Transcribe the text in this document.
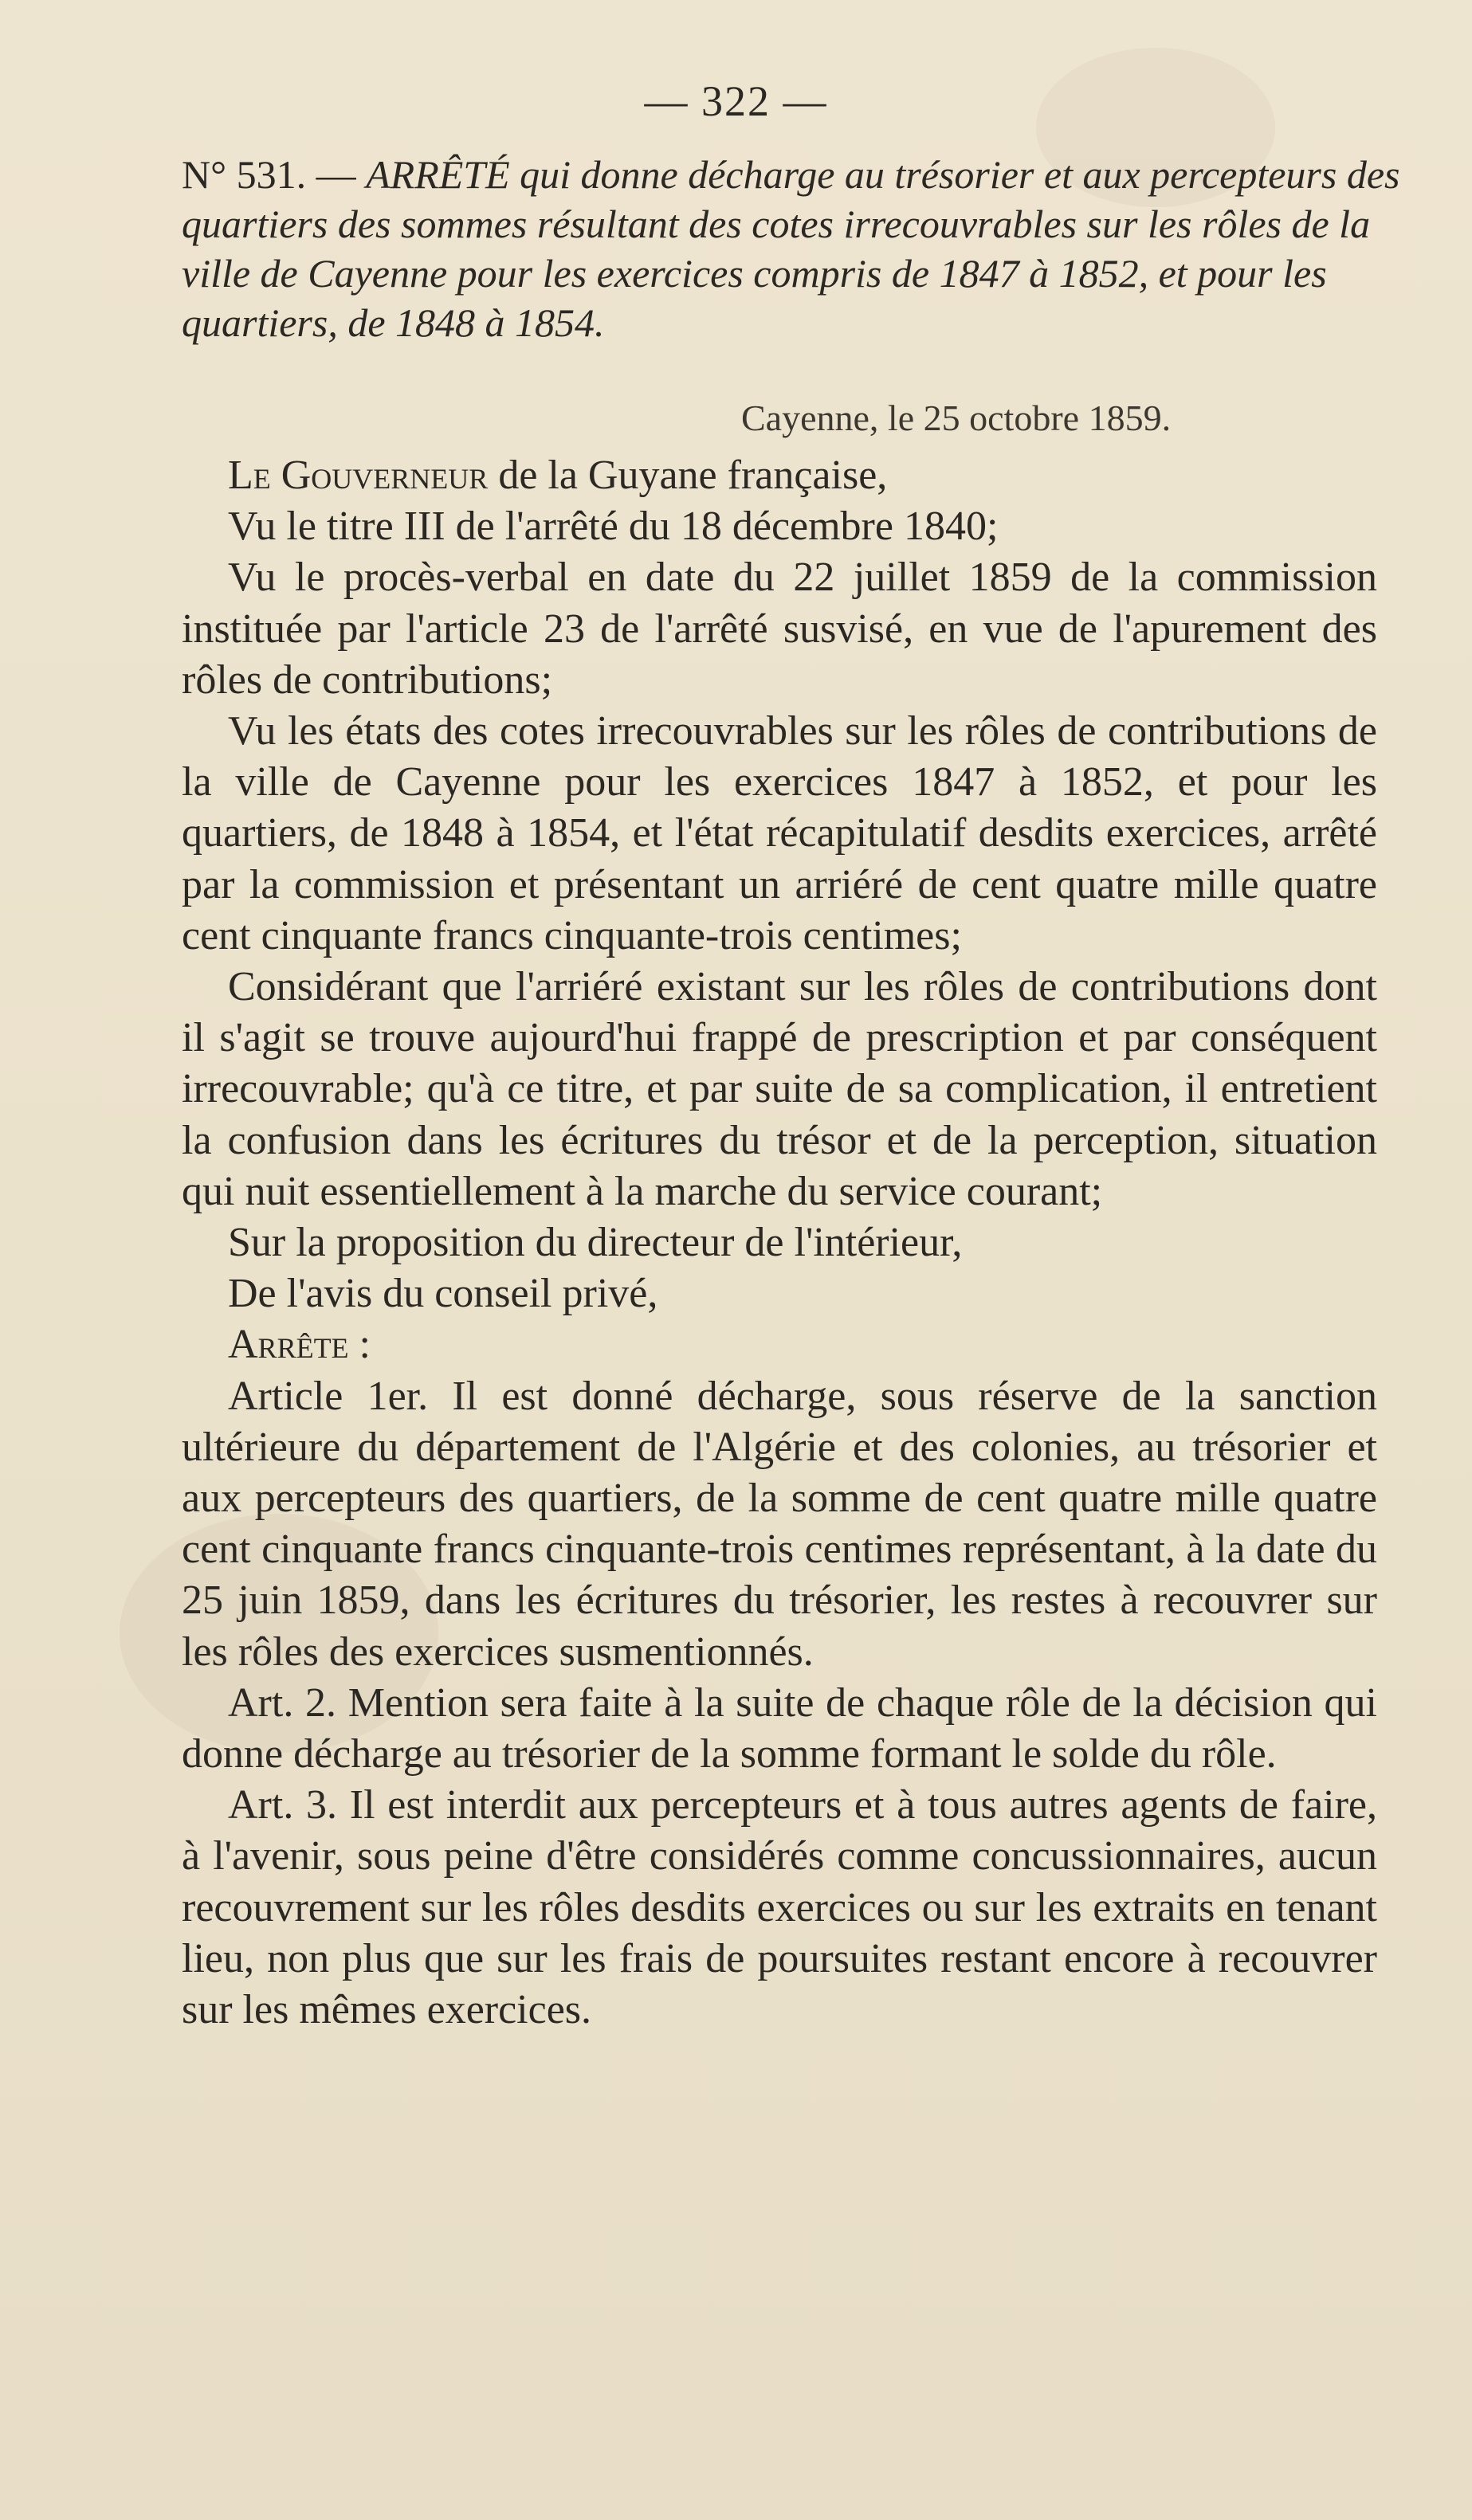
— 322 —
N° 531. — ARRÊTÉ qui donne décharge au trésorier et aux percepteurs des quartiers des sommes résultant des cotes irrecouvrables sur les rôles de la ville de Cayenne pour les exercices compris de 1847 à 1852, et pour les quartiers, de 1848 à 1854.
Cayenne, le 25 octobre 1859.

Le Gouverneur de la Guyane française,

Vu le titre III de l'arrêté du 18 décembre 1840;

Vu le procès-verbal en date du 22 juillet 1859 de la commission instituée par l'article 23 de l'arrêté susvisé, en vue de l'apurement des rôles de contributions;

Vu les états des cotes irrecouvrables sur les rôles de contributions de la ville de Cayenne pour les exercices 1847 à 1852, et pour les quartiers, de 1848 à 1854, et l'état récapitulatif desdits exercices, arrêté par la commission et présentant un arriéré de cent quatre mille quatre cent cinquante francs cinquante-trois centimes;

Considérant que l'arriéré existant sur les rôles de contributions dont il s'agit se trouve aujourd'hui frappé de prescription et par conséquent irrecouvrable; qu'à ce titre, et par suite de sa complication, il entretient la confusion dans les écritures du trésor et de la perception, situation qui nuit essentiellement à la marche du service courant;

Sur la proposition du directeur de l'intérieur,

De l'avis du conseil privé,

Arrête :

Article 1er. Il est donné décharge, sous réserve de la sanction ultérieure du département de l'Algérie et des colonies, au trésorier et aux percepteurs des quartiers, de la somme de cent quatre mille quatre cent cinquante francs cinquante-trois centimes représentant, à la date du 25 juin 1859, dans les écritures du trésorier, les restes à recouvrer sur les rôles des exercices susmentionnés.

Art. 2. Mention sera faite à la suite de chaque rôle de la décision qui donne décharge au trésorier de la somme formant le solde du rôle.

Art. 3. Il est interdit aux percepteurs et à tous autres agents de faire, à l'avenir, sous peine d'être considérés comme concussionnaires, aucun recouvrement sur les rôles desdits exercices ou sur les extraits en tenant lieu, non plus que sur les frais de poursuites restant encore à recouvrer sur les mêmes exercices.
